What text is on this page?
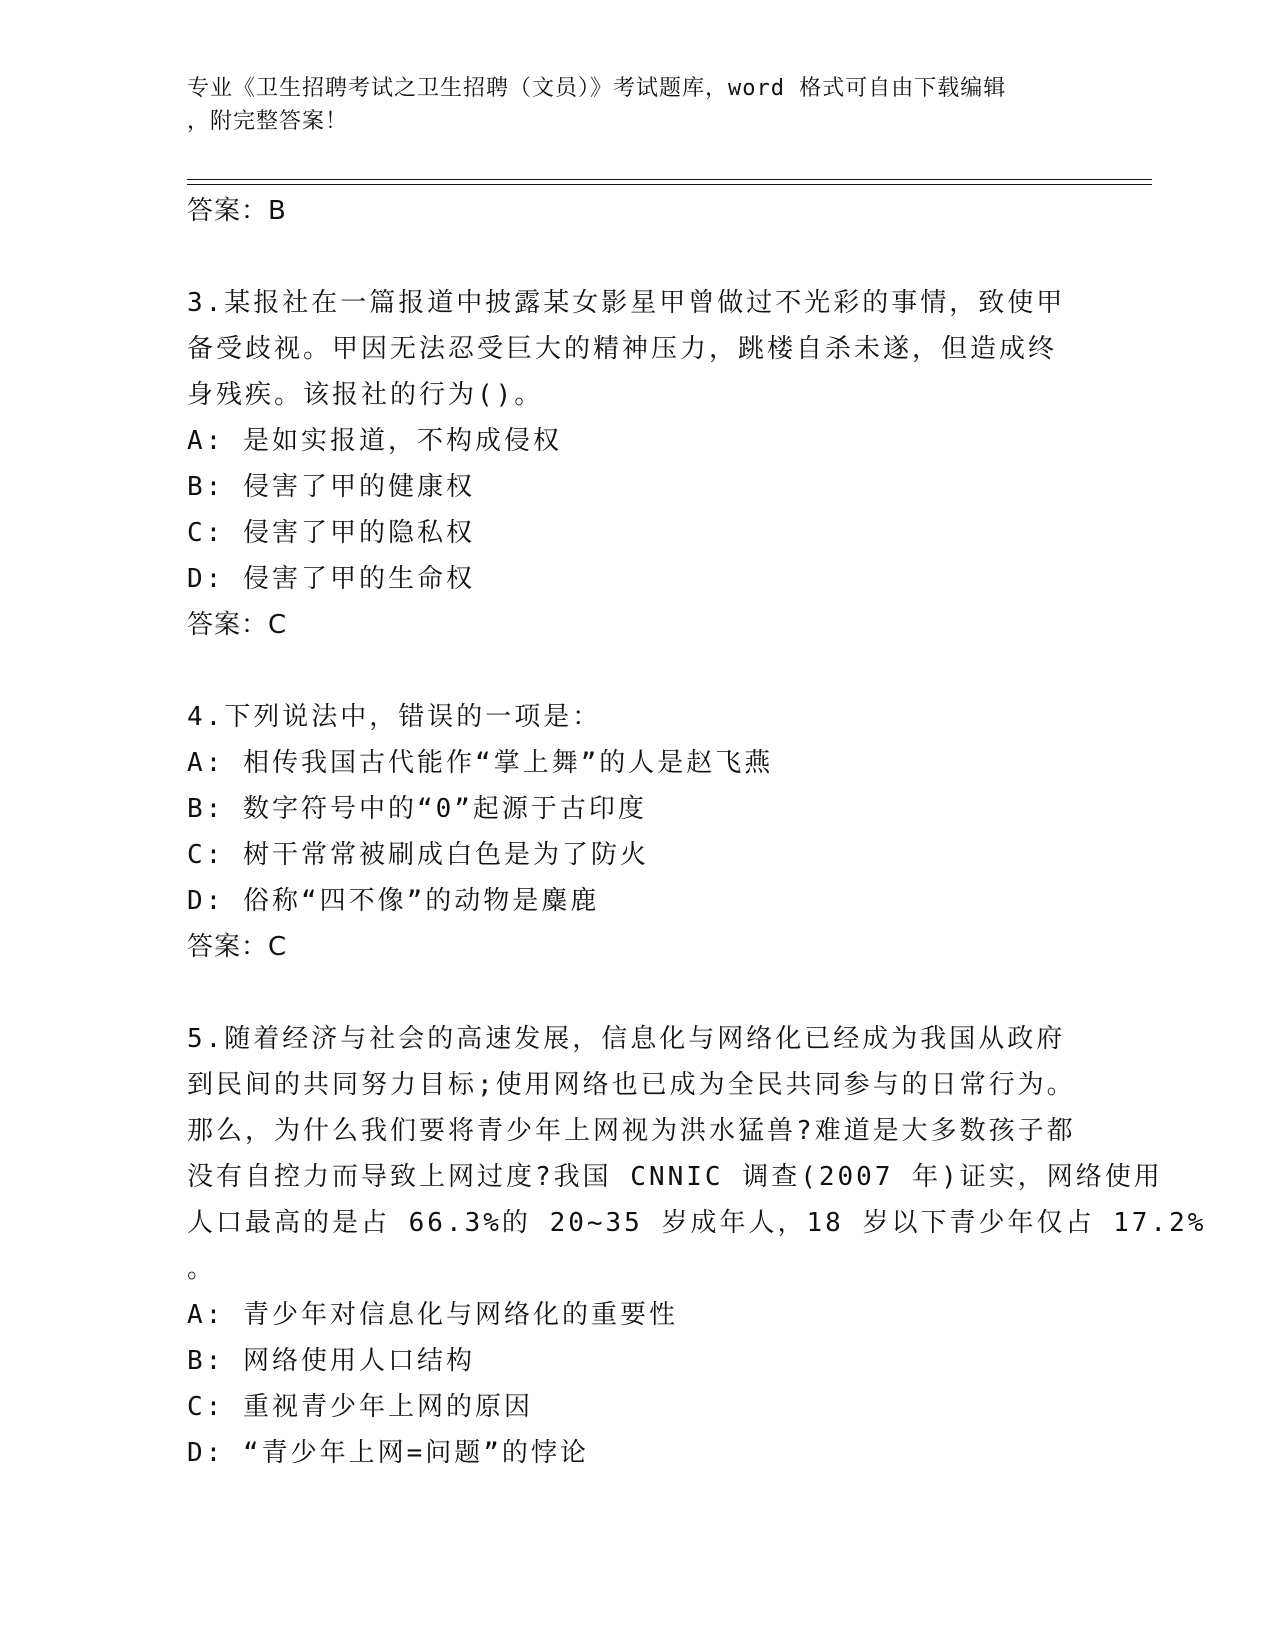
专业《卫生招聘考试之卫生招聘（文员）》考试题库，word 格式可自由下载编辑
，附完整答案！
答案：B
3.某报社在一篇报道中披露某女影星甲曾做过不光彩的事情，致使甲
备受歧视。甲因无法忍受巨大的精神压力，跳楼自杀未遂，但造成终
身残疾。该报社的行为()。
A: 是如实报道，不构成侵权
B: 侵害了甲的健康权
C: 侵害了甲的隐私权
D: 侵害了甲的生命权
答案：C
4.下列说法中，错误的一项是：
A: 相传我国古代能作“掌上舞”的人是赵飞燕
B: 数字符号中的“0”起源于古印度
C: 树干常常被刷成白色是为了防火
D: 俗称“四不像”的动物是麋鹿
答案：C
5.随着经济与社会的高速发展，信息化与网络化已经成为我国从政府
到民间的共同努力目标;使用网络也已成为全民共同参与的日常行为。
那么，为什么我们要将青少年上网视为洪水猛兽?难道是大多数孩子都
没有自控力而导致上网过度?我国 CNNIC 调查(2007 年)证实，网络使用
人口最高的是占 66.3%的 20~35 岁成年人，18 岁以下青少年仅占 17.2%
。
A: 青少年对信息化与网络化的重要性
B: 网络使用人口结构
C: 重视青少年上网的原因
D: “青少年上网=问题”的悖论
